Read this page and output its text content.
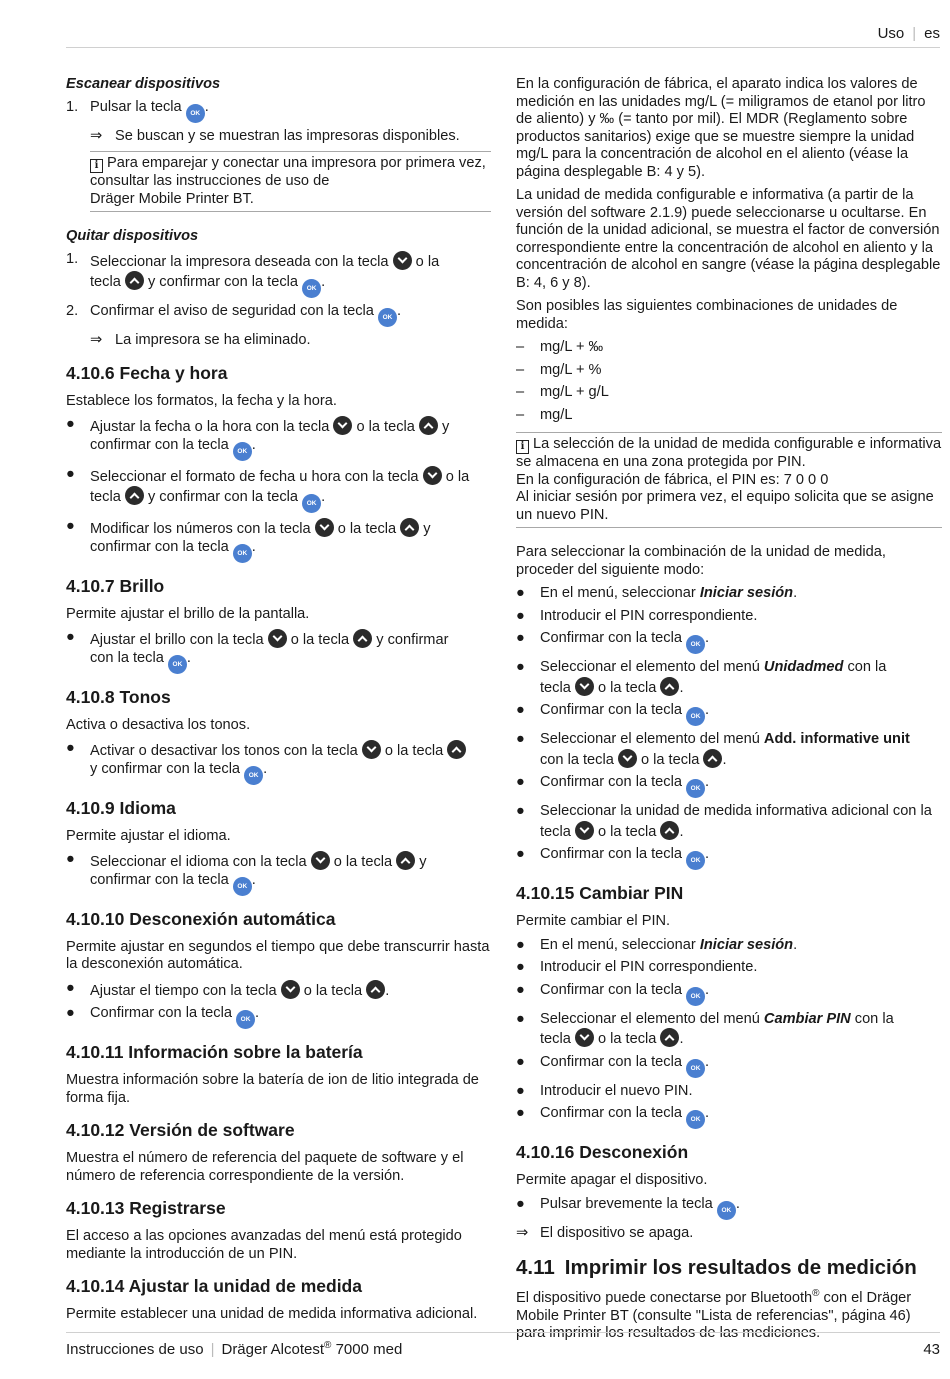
Uso | es
Escanear dispositivos
1. Pulsar la tecla OK .
⇒ Se buscan y se muestran las impresoras disponibles.
i Para emparejar y conectar una impresora por primera vez, consultar las instrucciones de uso de
Dräger Mobile Printer BT.
Quitar dispositivos
1. Seleccionar la impresora deseada con la tecla o la
tecla y confirmar con la tecla OK .
2. Confirmar el aviso de seguridad con la tecla OK .
⇒ La impresora se ha eliminado.
4.10.6 Fecha y hora

Establece los formatos, la fecha y la hora.

● Ajustar la fecha o la hora con la tecla o la tecla y
confirmar con la tecla OK .
● Seleccionar el formato de fecha u hora con la tecla o la
tecla y confirmar con la tecla OK .
● Modificar los números con la tecla o la tecla y
confirmar con la tecla OK .
4.10.7 Brillo

Permite ajustar el brillo de la pantalla.

● Ajustar el brillo con la tecla o la tecla y confirmar
con la tecla OK .
4.10.8 Tonos

Activa o desactiva los tonos.

● Activar o desactivar los tonos con la tecla o la tecla
y confirmar con la tecla OK .
4.10.9 Idioma

Permite ajustar el idioma.

● Seleccionar el idioma con la tecla o la tecla y
confirmar con la tecla OK .
4.10.10 Desconexión automática

Permite ajustar en segundos el tiempo que debe transcurrir hasta la desconexión automática.

● Ajustar el tiempo con la tecla o la tecla .
● Confirmar con la tecla OK .
4.10.11 Información sobre la batería

Muestra información sobre la batería de ion de litio integrada de forma fija.

4.10.12 Versión de software

Muestra el número de referencia del paquete de software y el número de referencia correspondiente de la versión.

4.10.13 Registrarse

El acceso a las opciones avanzadas del menú está protegido mediante la introducción de un PIN.

4.10.14 Ajustar la unidad de medida

Permite establecer una unidad de medida informativa adicional.

En la configuración de fábrica, el aparato indica los valores de medición en las unidades mg/L (= miligramos de etanol por litro de aliento) y ‰ (= tanto por mil). El MDR (Reglamento sobre productos sanitarios) exige que se muestre siempre la unidad mg/L para la concentración de alcohol en el aliento (véase la página desplegable B: 4 y 5).

La unidad de medida configurable e informativa (a partir de la versión del software 2.1.9) puede seleccionarse u ocultarse. En función de la unidad adicional, se muestra el factor de conversión correspondiente entre la concentración de alcohol en aliento y la concentración de alcohol en sangre (véase la página desplegable B: 4, 6 y 8).

Son posibles las siguientes combinaciones de unidades de medida:

– mg/L + ‰
– mg/L + %
– mg/L + g/L
– mg/L
i La selección de la unidad de medida configurable e informativa se almacena en una zona protegida por PIN.
En la configuración de fábrica, el PIN es: 7 0 0 0
Al iniciar sesión por primera vez, el equipo solicita que se asigne un nuevo PIN.

Para seleccionar la combinación de la unidad de medida, proceder del siguiente modo:

● En el menú, seleccionar Iniciar sesión.
● Introducir el PIN correspondiente.
● Confirmar con la tecla OK .
● Seleccionar el elemento del menú Unidadmed con la
tecla o la tecla .
● Confirmar con la tecla OK .
● Seleccionar el elemento del menú Add. informative unit
con la tecla o la tecla .
● Confirmar con la tecla OK .
● Seleccionar la unidad de medida informativa adicional con la tecla o la tecla .
● Confirmar con la tecla OK .
4.10.15 Cambiar PIN

Permite cambiar el PIN.

● En el menú, seleccionar Iniciar sesión.
● Introducir el PIN correspondiente.
● Confirmar con la tecla OK .
● Seleccionar el elemento del menú Cambiar PIN con la
tecla o la tecla .
● Confirmar con la tecla OK .
● Introducir el nuevo PIN.
● Confirmar con la tecla OK .
4.10.16 Desconexión

Permite apagar el dispositivo.

● Pulsar brevemente la tecla OK .
⇒ El dispositivo se apaga.
4.11 Imprimir los resultados de medición

El dispositivo puede conectarse por Bluetooth® con el Dräger Mobile Printer BT (consulte "Lista de referencias", página 46) para imprimir los resultados de las mediciones.

Instrucciones de uso | Dräger Alcotest® 7000 med	43
